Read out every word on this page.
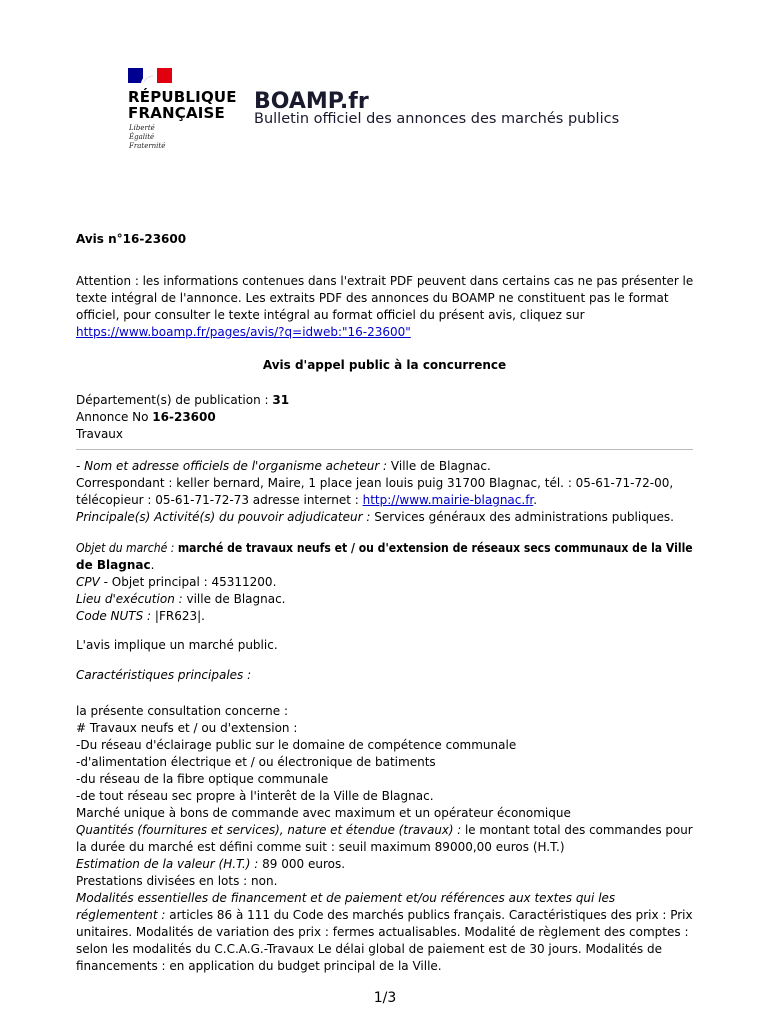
RÉPUBLIQUE
FRANÇAISE
Liberté
Égalité
Fraternité
BOAMP.fr
Bulletin officiel des annonces des marchés publics
Avis n°16-23600
Attention : les informations contenues dans l'extrait PDF peuvent dans certains cas ne pas présenter le
texte intégral de l'annonce. Les extraits PDF des annonces du BOAMP ne constituent pas le format
officiel, pour consulter le texte intégral au format officiel du présent avis, cliquez sur
https://www.boamp.fr/pages/avis/?q=idweb:"16-23600"
Avis d'appel public à la concurrence
Département(s) de publication : 31
Annonce No 16-23600
Travaux
- Nom et adresse officiels de l'organisme acheteur : Ville de Blagnac.
Correspondant : keller bernard, Maire, 1 place jean louis puig 31700 Blagnac, tél. : 05-61-71-72-00,
télécopieur : 05-61-71-72-73 adresse internet : http://www.mairie-blagnac.fr.
Principale(s) Activité(s) du pouvoir adjudicateur : Services généraux des administrations publiques.
Objet du marché : marché de travaux neufs et / ou d'extension de réseaux secs communaux de la Ville
de Blagnac.
CPV - Objet principal : 45311200.
Lieu d'exécution : ville de Blagnac.
Code NUTS : |FR623|.
L'avis implique un marché public.
Caractéristiques principales :
la présente consultation concerne :
# Travaux neufs et / ou d'extension :
-Du réseau d'éclairage public sur le domaine de compétence communale
-d'alimentation électrique et / ou électronique de batiments
-du réseau de la fibre optique communale
-de tout réseau sec propre à l'interêt de la Ville de Blagnac.
Marché unique à bons de commande avec maximum et un opérateur économique
Quantités (fournitures et services), nature et étendue (travaux) : le montant total des commandes pour
la durée du marché est défini comme suit : seuil maximum 89000,00 euros (H.T.)
Estimation de la valeur (H.T.) : 89 000 euros.
Prestations divisées en lots : non.
Modalités essentielles de financement et de paiement et/ou références aux textes qui les
réglementent : articles 86 à 111 du Code des marchés publics français. Caractéristiques des prix : Prix
unitaires. Modalités de variation des prix : fermes actualisables. Modalité de règlement des comptes :
selon les modalités du C.C.A.G.-Travaux Le délai global de paiement est de 30 jours. Modalités de
financements : en application du budget principal de la Ville.
1/3
